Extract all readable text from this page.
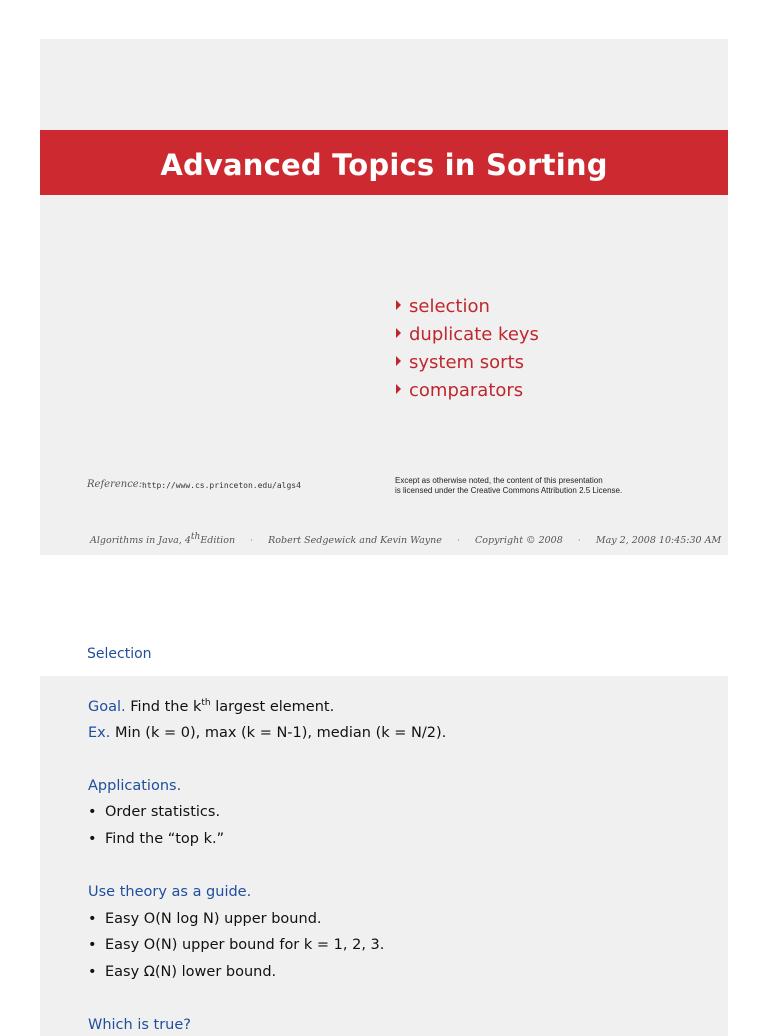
Advanced Topics in Sorting
selection
duplicate keys
system sorts
comparators
Reference: http://www.cs.princeton.edu/algs4
Except as otherwise noted, the content of this presentation
is licensed under the Creative Commons Attribution 2.5 License.
Algorithms in Java, 4thEdition · Robert Sedgewick and Kevin Wayne · Copyright © 2008 · May 2, 2008 10:45:30 AM
Selection
Goal. Find the $k^{th}$ largest element.
Ex. Min (k = 0), max (k = N-1), median (k = N/2).
Applications.
• Order statistics.
• Find the “top k.”
Use theory as a guide.
• Easy O(N log N) upper bound.
• Easy O(N) upper bound for k = 1, 2, 3.
• Easy Ω(N) lower bound.
Which is true?
